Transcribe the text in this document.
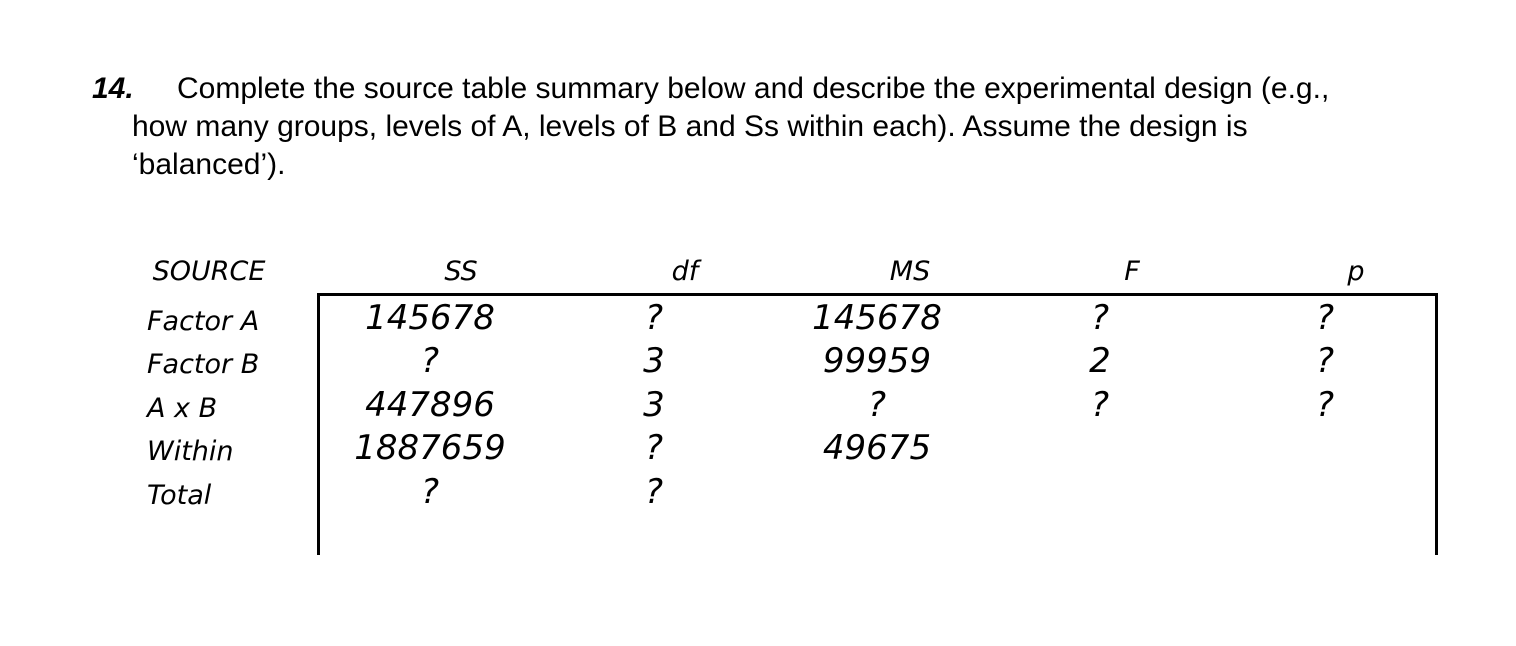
14.	Complete the source table summary below and describe the experimental design (e.g., how many groups, levels of A, levels of B and Ss within each). Assume the design is ‘balanced’).
SOURCE	SS	df	MS	F	p
Factor A	145678	?	145678	?	?
Factor B	?	3	99959	2	?
A x B	447896	3	?	?	?
Within	1887659	?	49675
Total	?	?
